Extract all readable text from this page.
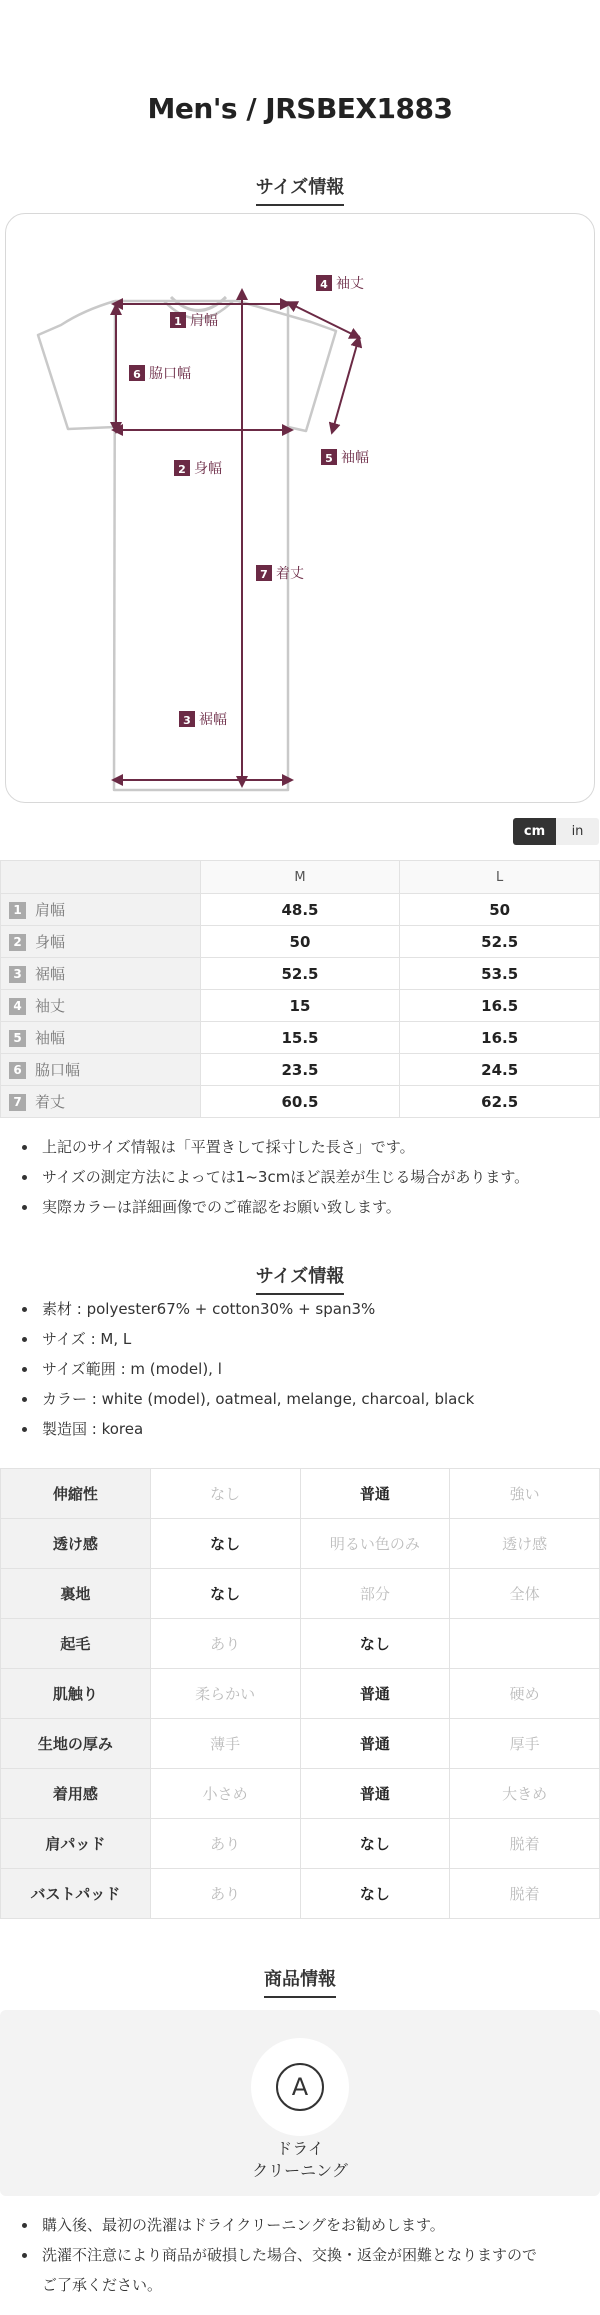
Men's / JRSBEX1883
サイズ情報
1 肩幅
2 身幅
3 裾幅
4 袖丈
5 袖幅
6 脇口幅
7 着丈
cm	in
	M	L
1 肩幅	48.5	50
2 身幅	50	52.5
3 裾幅	52.5	53.5
4 袖丈	15	16.5
5 袖幅	15.5	16.5
6 脇口幅	23.5	24.5
7 着丈	60.5	62.5
上記のサイズ情報は「平置きして採寸した長さ」です。
サイズの測定方法によっては1~3cmほど誤差が生じる場合があります。
実際カラーは詳細画像でのご確認をお願い致します。
サイズ情報
素材 : polyester67% + cotton30% + span3%
サイズ : M, L
サイズ範囲 : m (model), l
カラー : white (model), oatmeal, melange, charcoal, black
製造国 : korea
伸縮性	なし	普通	強い
透け感	なし	明るい色のみ	透け感
裏地	なし	部分	全体
起毛	あり	なし	
肌触り	柔らかい	普通	硬め
生地の厚み	薄手	普通	厚手
着用感	小さめ	普通	大きめ
肩パッド	あり	なし	脱着
バストパッド	あり	なし	脱着
商品情報
A
ドライ
クリーニング
購入後、最初の洗濯はドライクリーニングをお勧めします。
洗濯不注意により商品が破損した場合、交換・返金が困難となりますので
ご了承ください。
